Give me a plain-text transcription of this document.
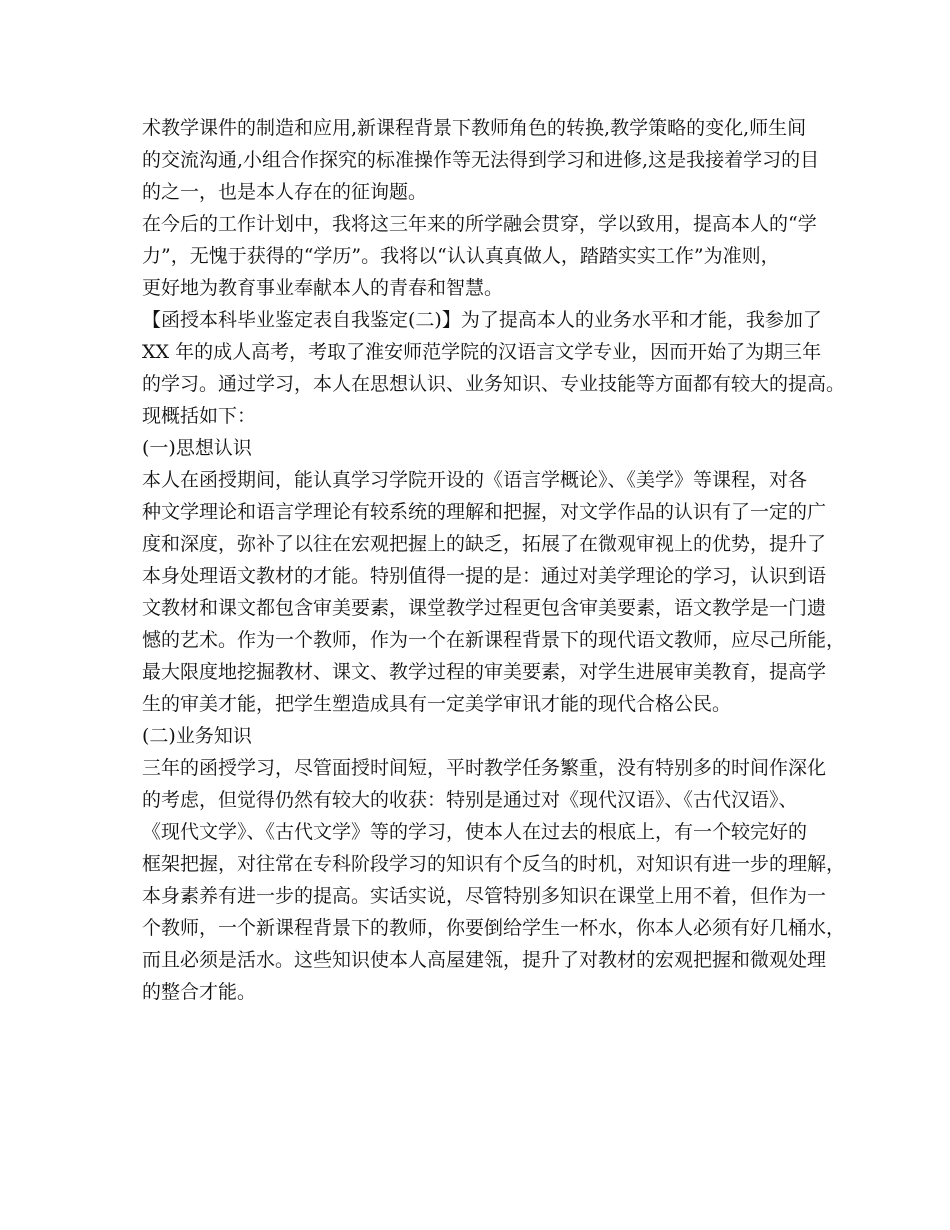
术教学课件的制造和应用,新课程背景下教师角色的转换,教学策略的变化,师生间
的交流沟通,小组合作探究的标准操作等无法得到学习和进修,这是我接着学习的目
的之一，也是本人存在的征询题。
在今后的工作计划中，我将这三年来的所学融会贯穿，学以致用，提高本人的“学
力”，无愧于获得的“学历”。我将以“认认真真做人，踏踏实实工作”为准则，
更好地为教育事业奉献本人的青春和智慧。
【函授本科毕业鉴定表自我鉴定(二)】为了提高本人的业务水平和才能，我参加了
XX 年的成人高考，考取了淮安师范学院的汉语言文学专业，因而开始了为期三年
的学习。通过学习，本人在思想认识、业务知识、专业技能等方面都有较大的提高。
现概括如下：
(一)思想认识
本人在函授期间，能认真学习学院开设的《语言学概论》、《美学》等课程，对各
种文学理论和语言学理论有较系统的理解和把握，对文学作品的认识有了一定的广
度和深度，弥补了以往在宏观把握上的缺乏，拓展了在微观审视上的优势，提升了
本身处理语文教材的才能。特别值得一提的是：通过对美学理论的学习，认识到语
文教材和课文都包含审美要素，课堂教学过程更包含审美要素，语文教学是一门遗
憾的艺术。作为一个教师，作为一个在新课程背景下的现代语文教师，应尽己所能，
最大限度地挖掘教材、课文、教学过程的审美要素，对学生进展审美教育，提高学
生的审美才能，把学生塑造成具有一定美学审讯才能的现代合格公民。
(二)业务知识
三年的函授学习，尽管面授时间短，平时教学任务繁重，没有特别多的时间作深化
的考虑，但觉得仍然有较大的收获：特别是通过对《现代汉语》、《古代汉语》、
《现代文学》、《古代文学》等的学习，使本人在过去的根底上，有一个较完好的
框架把握，对往常在专科阶段学习的知识有个反刍的时机，对知识有进一步的理解，
本身素养有进一步的提高。实话实说，尽管特别多知识在课堂上用不着，但作为一
个教师，一个新课程背景下的教师，你要倒给学生一杯水，你本人必须有好几桶水，
而且必须是活水。这些知识使本人高屋建瓴，提升了对教材的宏观把握和微观处理
的整合才能。
